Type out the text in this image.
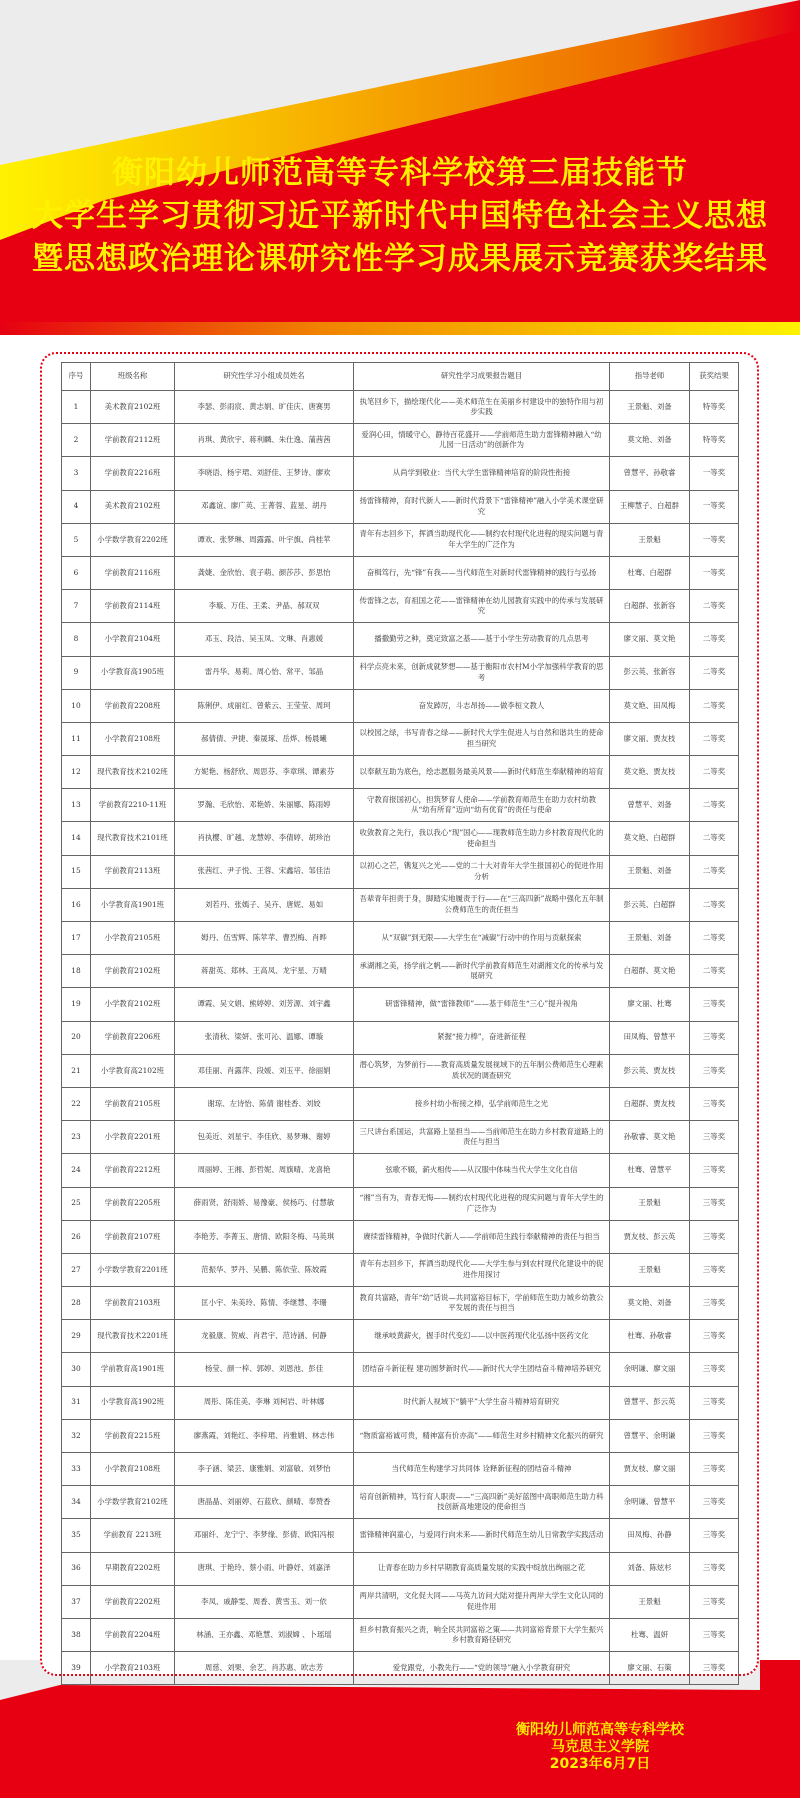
衡阳幼儿师范高等专科学校第三届技能节
大学生学习贯彻习近平新时代中国特色社会主义思想
暨思想政治理论课研究性学习成果展示竞赛获奖结果
序号	班级名称	研究性学习小组成员姓名	研究性学习成果报告题目	指导老师	获奖结果
1	美术教育2102班	李瑟、彭雨宸、黄志娟、旷佳庆、唐赛男	执笔回乡下，描绘现代化——美术师范生在美丽乡村建设中的独特作用与初步实践	王景魁、刘备	特等奖
2	学前教育2112班	肖琪、黄欣宇、蒋利麟、朱仕逸、蒲茜茜	爱润心田，情暖守心，静待百花盛开——学前师范生助力雷锋精神融入“幼儿园一日活动”的创新作为	莫文艳、刘备	特等奖
3	学前教育2216班	李晓语、杨宇珺、刘舒佳、王梦诗、廖欢	从尚学到敬业：当代大学生雷锋精神培育的阶段性衔接	曾慧平、孙敬睿	一等奖
4	美术教育2102班	邓鑫谊、廖广英、王菁蓉、蓝星、胡丹	扬雷锋精神，育时代新人——新时代背景下“雷锋精神”融入小学美术课堂研究	王柳慧子、白超群	一等奖
5	小学数学教育2202班	谭欢、张梦琳、周露露、叶宇旗、尚桂苹	青年有志回乡下，挥洒当助现代化——制约农村现代化进程的现实问题与青年大学生的广泛作为	王景魁	一等奖
6	学前教育2116班	龚婕、金欣怡、袁子萌、颜莎莎、彭思怡	奋楫笃行，先“锋”有我——当代师范生对新时代雷锋精神的践行与弘扬	杜骞、白超群	一等奖
7	学前教育2114班	李璇、万佳、王柔、尹晶、郝双双	传雷锋之志，育祖国之花——雷锋精神在幼儿园教育实践中的传承与发展研究	白超群、张新容	二等奖
8	小学教育2104班	邓玉、段洁、吴玉凤、文琳、肖惠媛	播撒勤劳之种，奠定致富之基——基于小学生劳动教育的几点思考	廖文丽、莫文艳	二等奖
9	小学教育高1905班	雷丹华、易莉、周心怡、常平、邹晶	科学点亮未来，创新成就梦想——基于衡阳市农村M小学加强科学教育的思考	彭云英、张新容	二等奖
10	学前教育2208班	陈俐伊、成丽红、曾紫云、王莹莹、周珂	奋发踔厉，斗志昂扬——做李桓文教人	莫文艳、田凤梅	二等奖
11	小学教育2108班	郝倩倩、尹捷、秦晟琢、岳烨、杨晨曦	以校园之绿，书写青春之绿——新时代大学生促进人与自然和谐共生的使命担当研究	廖文丽、贾友枝	二等奖
12	现代教育技术2102班	方妮艳、杨舒欣、周思芬、李章琪、谭素芬	以奉献互助为底色，绘志愿服务最美风景——新时代师范生奉献精神的培育	莫文艳、贾友枝	二等奖
13	学前教育2210-11班	罗瀚、毛欣怡、邓艳娇、朱丽娜、陈雨婷	守教育报国初心，担筑梦育人使命——学前教育师范生在助力农村幼教从“幼有所育”迈向“幼有优育”的责任与使命	曾慧平、刘备	二等奖
14	现代教育技术2101班	肖执樱、旷越、龙慧婷、李倩婷、胡珍治	收敛教育之先行，我以我心“现”国心——现教师范生助力乡村教育现代化的使命担当	莫文艳、白超群	二等奖
15	学前教育2113班	张茜红、尹子悦、王蓉、宋鑫培、邹佳洁	以初心之芒，镌复兴之光——党的二十大对青年大学生报国初心的促进作用分析	王景魁、刘备	二等奖
16	小学教育高1901班	刘若丹、张嫣子、吴卉、唐妮、易如	吾辈青年担责于身，脚踏实地履责于行——在“三高四新”战略中强化五年制公费师范生的责任担当	彭云英、白超群	二等奖
17	小学教育2105班	姆丹、伍雪辉、陈苹苹、曹烈梅、肖晔	从“双碳”到无限——大学生在“减碳”行动中的作用与贡献探索	王景魁、刘备	二等奖
18	学前教育2102班	蒋甜英、郑林、王高凤、龙宇星、万晴	承湖湘之美，扬学前之帆——新时代学前教育师范生对湖湘文化的传承与发展研究	白超群、莫文艳	二等奖
19	小学教育2102班	谭霞、吴文娟、熊婷婷、刘芳源、刘宇鑫	研雷锋精神，做“雷锋教师”——基于师范生“三心”提升视角	廖文丽、杜骞	三等奖
20	学前教育2206班	张清秋、梁妍、张可沁、温娜、谭璇	紧握“接力棒”，奋进新征程	田凤梅、曾慧平	三等奖
21	小学教育高2102班	邓佳丽、肖露萍、段媛、刘玉平、徐丽娟	潜心筑梦，为梦前行——教育高质量发展视域下的五年制公费师范生心理素质状况的调查研究	彭云英、贾友枝	三等奖
22	学前教育2105班	谢琼、左诗怡、陈倩 谢桂香、刘姣	接乡村幼小衔接之棒，弘学前师范生之光	白超群、贾友枝	三等奖
23	小学教育2201班	包美近、刘星宇、李佳欣、易梦琳、谢婷	三尺讲台系国运，共富路上显担当——当前师范生在助力乡村教育道路上的责任与担当	孙敬睿、莫文艳	三等奖
24	学前教育2212班	周丽婷、王湘、彭哲妮、周旗晴、龙喜艳	弦歌不辍，薪火相传——从汉服中体味当代大学生文化自信	杜骞、曾慧平	三等奖
25	学前教育2205班	薛雨贤、舒雨娇、易豫豪、侯杨巧、付慧敏	“湘”当有为，青春无悔——制约农村现代化进程的现实问题与青年大学生的广泛作为	王景魁	三等奖
26	学前教育2107班	李艳芳、李菁玉、唐情、欧阳冬梅、马英琪	赓续雷锋精神，争做时代新人——学前师范生践行奉献精神的责任与担当	贾友枝、彭云英	三等奖
27	小学数学教育2201班	范振华、罗丹、吴鹏、陈依莹、陈姣霞	青年有志回乡下，挥洒当助现代化——大学生参与到农村现代化建设中的促进作用探讨	王景魁	三等奖
28	学前教育2103班	匡小宇、朱美玲、陈情、李继慧、李珊	教育共富路，青年“幼”话说—共同富裕目标下，学前师范生助力城乡幼教公平发展的责任与担当	莫文艳、刘备	三等奖
29	现代教育技术2201班	龙毅康、贺威、肖君宇、范诗涵、何静	继承岐黄薪火，握手时代变幻——以中医药现代化弘扬中医药文化	杜骞、孙敬睿	三等奖
30	学前教育高1901班	杨莹、颜一梓、郭婷、刘恩池、彭佳	团结奋斗新征程 建功圆梦新时代——新时代大学生团结奋斗精神培养研究	余明谦、廖文丽	三等奖
31	小学教育高1902班	周彤、陈佳美、李琳 刘柯岩、叶林娜	时代新人视域下“躺平”大学生奋斗精神培育研究	曾慧平、彭云英	三等奖
32	学前教育2215班	廖燕霞、刘艳红、李梓珺、肖雅娟、林志伟	“物质富裕诚可贵，精神富有价亦高”——师范生对乡村精神文化振兴的研究	曾慧平、余明谦	三等奖
33	小学教育2108班	李子涵、梁芸、康雅娟、刘富敏、刘梦怡	当代师范生构建学习共同体 诠释新征程的团结奋斗精神	贾友枝、廖文丽	三等奖
34	小学数学教育2102班	唐晶晶、刘丽婷、石蓝欣、颜晴、奉赞香	培育创新精神，笃行育人职责——“三高四新”美好蓝图中高职师范生助力科技创新高地建设的使命担当	余明谦、曾慧平	三等奖
35	学前教育 2213班	邓丽纤、龙宁宁、李梦缘、彭倩、欧阳冯根	雷锋精神润童心，与爱同行向未来——新时代师范生幼儿日常教学实践活动	田凤梅、孙静	三等奖
36	早期教育2202班	唐琪、于艳玲、蔡小雨、叶静妤、刘嘉泽	让青春在助力乡村早期教育高质量发展的实践中绽放出绚丽之花	刘备、陈炫杉	三等奖
37	学前教育2202班	李凤、戚静雯、周香、黄雪玉、刘一依	两岸共清明，文化促大同——马英九访问大陆对提升两岸大学生文化认同的促进作用	王景魁	三等奖
38	学前教育2204班	林涵、王亦鑫、邓艳慧、刘淑嫦 、卜瑶瑶	担乡村教育振兴之责，响全民共同富裕之策——共同富裕背景下大学生振兴乡村教育路径研究	杜骞、温妍	三等奖
39	小学教育2103班	周慈、刘果、余艺、肖苏惠、欧志芳	爱党跟党，小教先行——“党的领导”融入小学教育研究	廖文丽、石策	三等奖
衡阳幼儿师范高等专科学校
马克思主义学院
2023年6月7日
